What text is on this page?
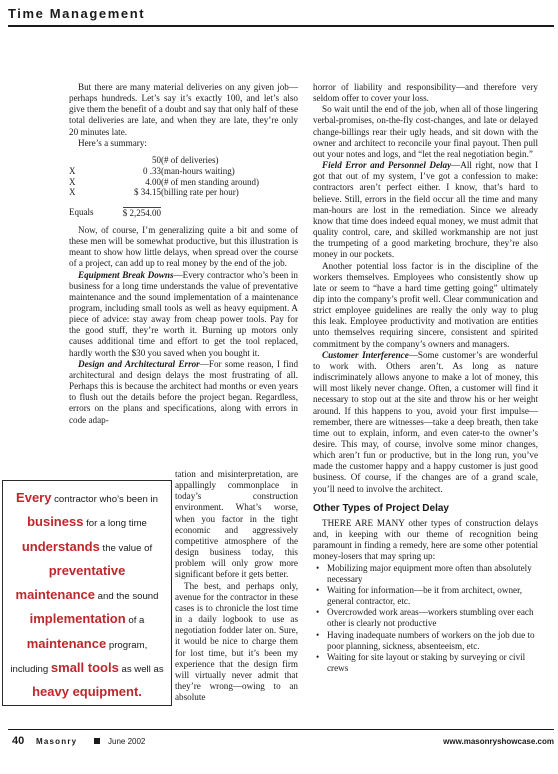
Time Management

But there are many material deliveries on any given job—perhaps hundreds. Let’s say it’s exactly 100, and let’s also give them the benefit of a doubt and say that only half of these total deliveries are late, and when they are late, they’re only 20 minutes late.

Here’s a summary:

	50	(# of deliveries)
X	0 .33	(man-hours waiting)
X	4.00	(# of men standing around)
X	$ 34.15	(billing rate per hour)
Equals	$ 2,254.00	

Now, of course, I’m generalizing quite a bit and some of these men will be somewhat productive, but this illustration is meant to show how little delays, when spread over the course of a project, can add up to real money by the end of the job.

Equipment Break Downs—Every contractor who’s been in business for a long time understands the value of preventative maintenance and the sound implementation of a maintenance program, including small tools as well as heavy equipment. A piece of advice: stay away from cheap power tools. Pay for the good stuff, they’re worth it. Burning up motors only causes additional time and effort to get the tool replaced, hardly worth the $30 you saved when you bought it.

Design and Architectural Error—For some reason, I find architectural and design delays the most frustrating of all. Perhaps this is because the architect had months or even years to flush out the details before the project began. Regardless, errors on the plans and specifications, along with errors in code adap-

tation and misinterpretation, are appallingly commonplace in today’s construction environment. What’s worse, when you factor in the tight economic and aggressively competitive atmosphere of the design business today, this problem will only grow more significant before it gets better.

The best, and perhaps only, avenue for the contractor in these cases is to chronicle the lost time in a daily logbook to use as negotiation fodder later on. Sure, it would be nice to charge them for lost time, but it’s been my experience that the design firm will virtually never admit that they’re wrong—owing to an absolute

Every contractor who’s been in business for a long time understands the value of preventative maintenance and the sound implementation of a maintenance program, including small tools as well as heavy equipment.

horror of liability and responsibility—and therefore very seldom offer to cover your loss.

So wait until the end of the job, when all of those lingering verbal-promises, on-the-fly cost-changes, and late or delayed change-billings rear their ugly heads, and sit down with the owner and architect to reconcile your final payout. Then pull out your notes and logs, and “let the real negotiation begin.”

Field Error and Personnel Delay—All right, now that I got that out of my system, I’ve got a confession to make: contractors aren’t perfect either. I know, that’s hard to believe. Still, errors in the field occur all the time and many man-hours are lost in the remediation. Since we already know that time does indeed equal money, we must admit that quality control, care, and skilled workmanship are not just the trumpeting of a good marketing brochure, they’re also money in our pockets.

Another potential loss factor is in the discipline of the workers themselves. Employees who consistently show up late or seem to “have a hard time getting going” ultimately dip into the company’s profit well. Clear communication and strict employee guidelines are really the only way to plug this leak. Employee productivity and motivation are entities unto themselves requiring sincere, consistent and spirited commitment by the company’s owners and managers.

Customer Interference—Some customer’s are wonderful to work with. Others aren’t. As long as nature indiscriminately allows anyone to make a lot of money, this will most likely never change. Often, a customer will find it necessary to stop out at the site and throw his or her weight around. If this happens to you, avoid your first impulse—remember, there are witnesses—take a deep breath, then take time out to explain, inform, and even cater-to the owner’s desire. This may, of course, involve some minor changes, which aren’t fun or productive, but in the long run, you’ve made the customer happy and a happy customer is just good business. Of course, if the changes are of a grand scale, you’ll need to involve the architect.

Other Types of Project Delay

THERE ARE MANY other types of construction delays and, in keeping with our theme of recognition being paramount in finding a remedy, here are some other potential money-losers that may spring up:

• Mobilizing major equipment more often than absolutely necessary
• Waiting for information—be it from architect, owner, general contractor, etc.
• Overcrowded work areas—workers stumbling over each other is clearly not productive
• Having inadequate numbers of workers on the job due to poor planning, sickness, absenteeism, etc.
• Waiting for site layout or staking by surveying or civil crews
40 Masonry	June 2002	www.masonryshowcase.com
